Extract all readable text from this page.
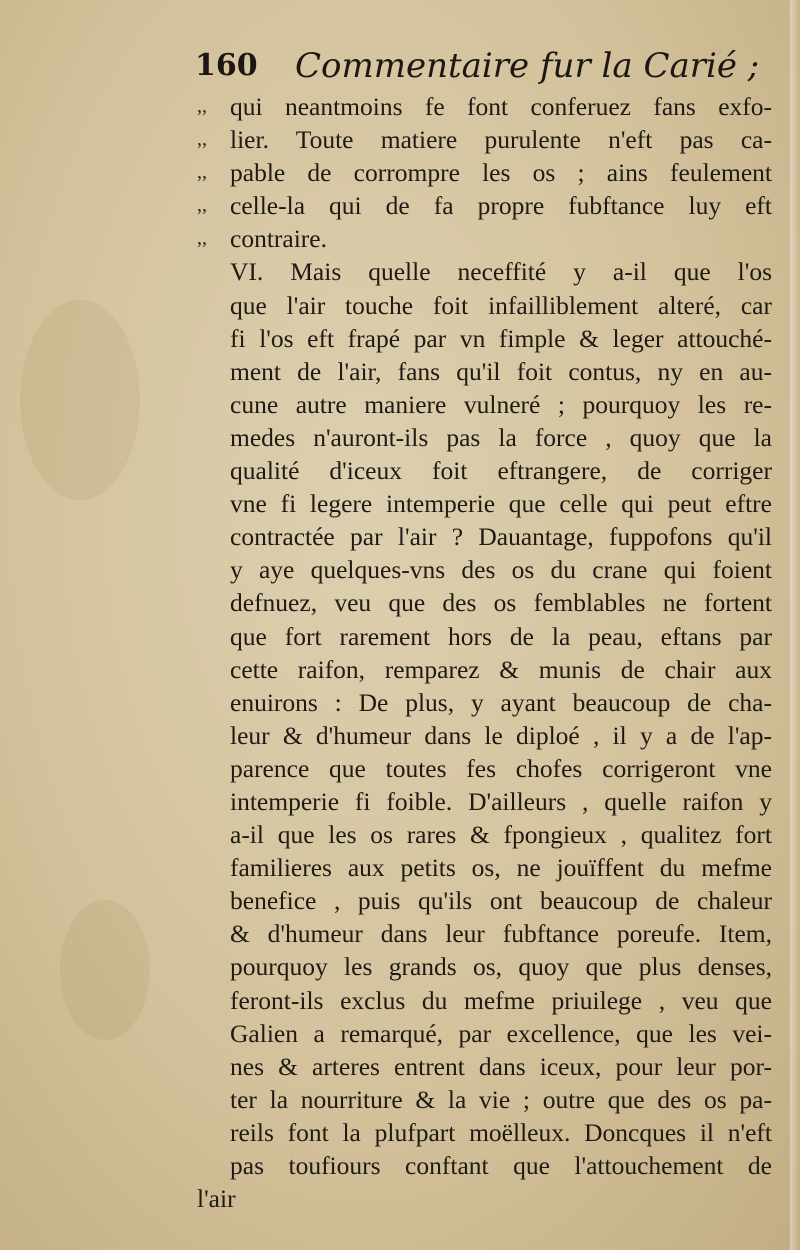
160 Commentaire fur la Carié ;
,, qui neantmoins fe font conferuez fans exfo-
,, lier. Toute matiere purulente n'eft pas ca-
,, pable de corrompre les os ; ains feulement
,, celle-la qui de fa propre fubftance luy eft
,, contraire.
VI. Mais quelle neceffité y a-il que l'os
que l'air touche foit infailliblement alteré, car
fi l'os eft frapé par vn fimple & leger attouché-
ment de l'air, fans qu'il foit contus, ny en au-
cune autre maniere vulneré ; pourquoy les re-
medes n'auront-ils pas la force , quoy que la
qualité d'iceux foit eftrangere, de corriger
vne fi legere intemperie que celle qui peut eftre
contractée par l'air ? Dauantage, fuppofons qu'il
y aye quelques-vns des os du crane qui foient
defnuez, veu que des os femblables ne fortent
que fort rarement hors de la peau, eftans par
cette raifon, remparez & munis de chair aux
enuirons : De plus, y ayant beaucoup de cha-
leur & d'humeur dans le diploé , il y a de l'ap-
parence que toutes fes chofes corrigeront vne
intemperie fi foible. D'ailleurs , quelle raifon y
a-il que les os rares & fpongieux , qualitez fort
familieres aux petits os, ne jouïffent du mefme
benefice , puis qu'ils ont beaucoup de chaleur
& d'humeur dans leur fubftance poreufe. Item,
pourquoy les grands os, quoy que plus denses,
feront-ils exclus du mefme priuilege , veu que
Galien a remarqué, par excellence, que les vei-
nes & arteres entrent dans iceux, pour leur por-
ter la nourriture & la vie ; outre que des os pa-
reils font la plufpart moëlleux. Doncques il n'eft
pas toufiours conftant que l'attouchement de
l'air
